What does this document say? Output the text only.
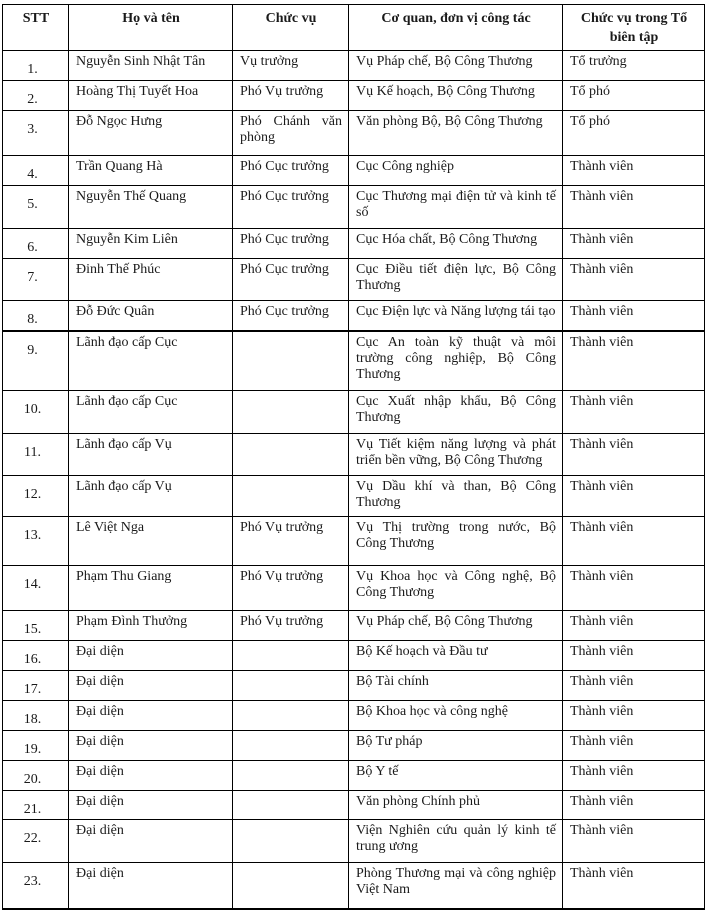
STT	Họ và tên	Chức vụ	Cơ quan, đơn vị công tác	Chức vụ trong Tổ biên tập
1.	Nguyễn Sinh Nhật Tân	Vụ trưởng	Vụ Pháp chế, Bộ Công Thương	Tổ trưởng
2.	Hoàng Thị Tuyết Hoa	Phó Vụ trưởng	Vụ Kế hoạch, Bộ Công Thương	Tổ phó
3.	Đỗ Ngọc Hưng	Phó Chánh văn phòng	Văn phòng Bộ, Bộ Công Thương	Tổ phó
4.	Trần Quang Hà	Phó Cục trưởng	Cục Công nghiệp	Thành viên
5.	Nguyễn Thế Quang	Phó Cục trưởng	Cục Thương mại điện tử và kinh tế số	Thành viên
6.	Nguyễn Kim Liên	Phó Cục trưởng	Cục Hóa chất, Bộ Công Thương	Thành viên
7.	Đinh Thế Phúc	Phó Cục trưởng	Cục Điều tiết điện lực, Bộ Công Thương	Thành viên
8.	Đỗ Đức Quân	Phó Cục trưởng	Cục Điện lực và Năng lượng tái tạo	Thành viên
9.	Lãnh đạo cấp Cục		Cục An toàn kỹ thuật và môi trường công nghiệp, Bộ Công Thương	Thành viên
10.	Lãnh đạo cấp Cục		Cục Xuất nhập khẩu, Bộ Công Thương	Thành viên
11.	Lãnh đạo cấp Vụ		Vụ Tiết kiệm năng lượng và phát triển bền vững, Bộ Công Thương	Thành viên
12.	Lãnh đạo cấp Vụ		Vụ Dầu khí và than, Bộ Công Thương	Thành viên
13.	Lê Việt Nga	Phó Vụ trưởng	Vụ Thị trường trong nước, Bộ Công Thương	Thành viên
14.	Phạm Thu Giang	Phó Vụ trưởng	Vụ Khoa học và Công nghệ, Bộ Công Thương	Thành viên
15.	Phạm Đình Thưởng	Phó Vụ trưởng	Vụ Pháp chế, Bộ Công Thương	Thành viên
16.	Đại diện		Bộ Kế hoạch và Đầu tư	Thành viên
17.	Đại diện		Bộ Tài chính	Thành viên
18.	Đại diện		Bộ Khoa học và công nghệ	Thành viên
19.	Đại diện		Bộ Tư pháp	Thành viên
20.	Đại diện		Bộ Y tế	Thành viên
21.	Đại diện		Văn phòng Chính phủ	Thành viên
22.	Đại diện		Viện Nghiên cứu quản lý kinh tế trung ương	Thành viên
23.	Đại diện		Phòng Thương mại và công nghiệp Việt Nam	Thành viên
